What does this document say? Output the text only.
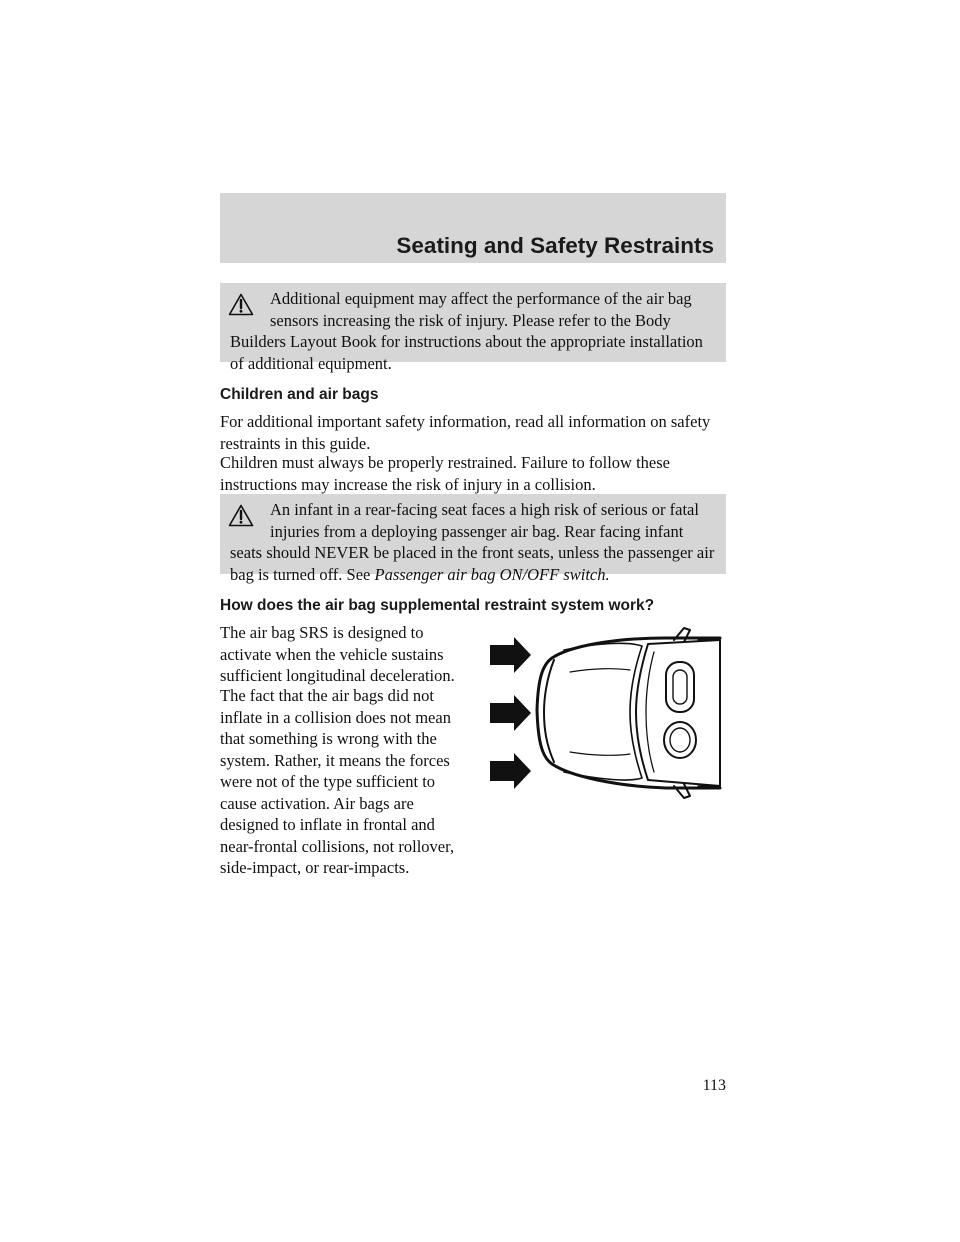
Seating and Safety Restraints
Additional equipment may affect the performance of the air bag
sensors increasing the risk of injury. Please refer to the Body
Builders Layout Book for instructions about the appropriate installation of additional equipment.
Children and air bags
For additional important safety information, read all information on safety restraints in this guide.
Children must always be properly restrained. Failure to follow these instructions may increase the risk of injury in a collision.
An infant in a rear-facing seat faces a high risk of serious or fatal
injuries from a deploying passenger air bag. Rear facing infant
seats should NEVER be placed in the front seats, unless the passenger air bag is turned off. See Passenger air bag ON/OFF switch.
How does the air bag supplemental restraint system work?
The air bag SRS is designed to activate when the vehicle sustains sufficient longitudinal deceleration.
The fact that the air bags did not inflate in a collision does not mean that something is wrong with the system. Rather, it means the forces were not of the type sufficient to cause activation. Air bags are designed to inflate in frontal and near-frontal collisions, not rollover, side-impact, or rear-impacts.
113
